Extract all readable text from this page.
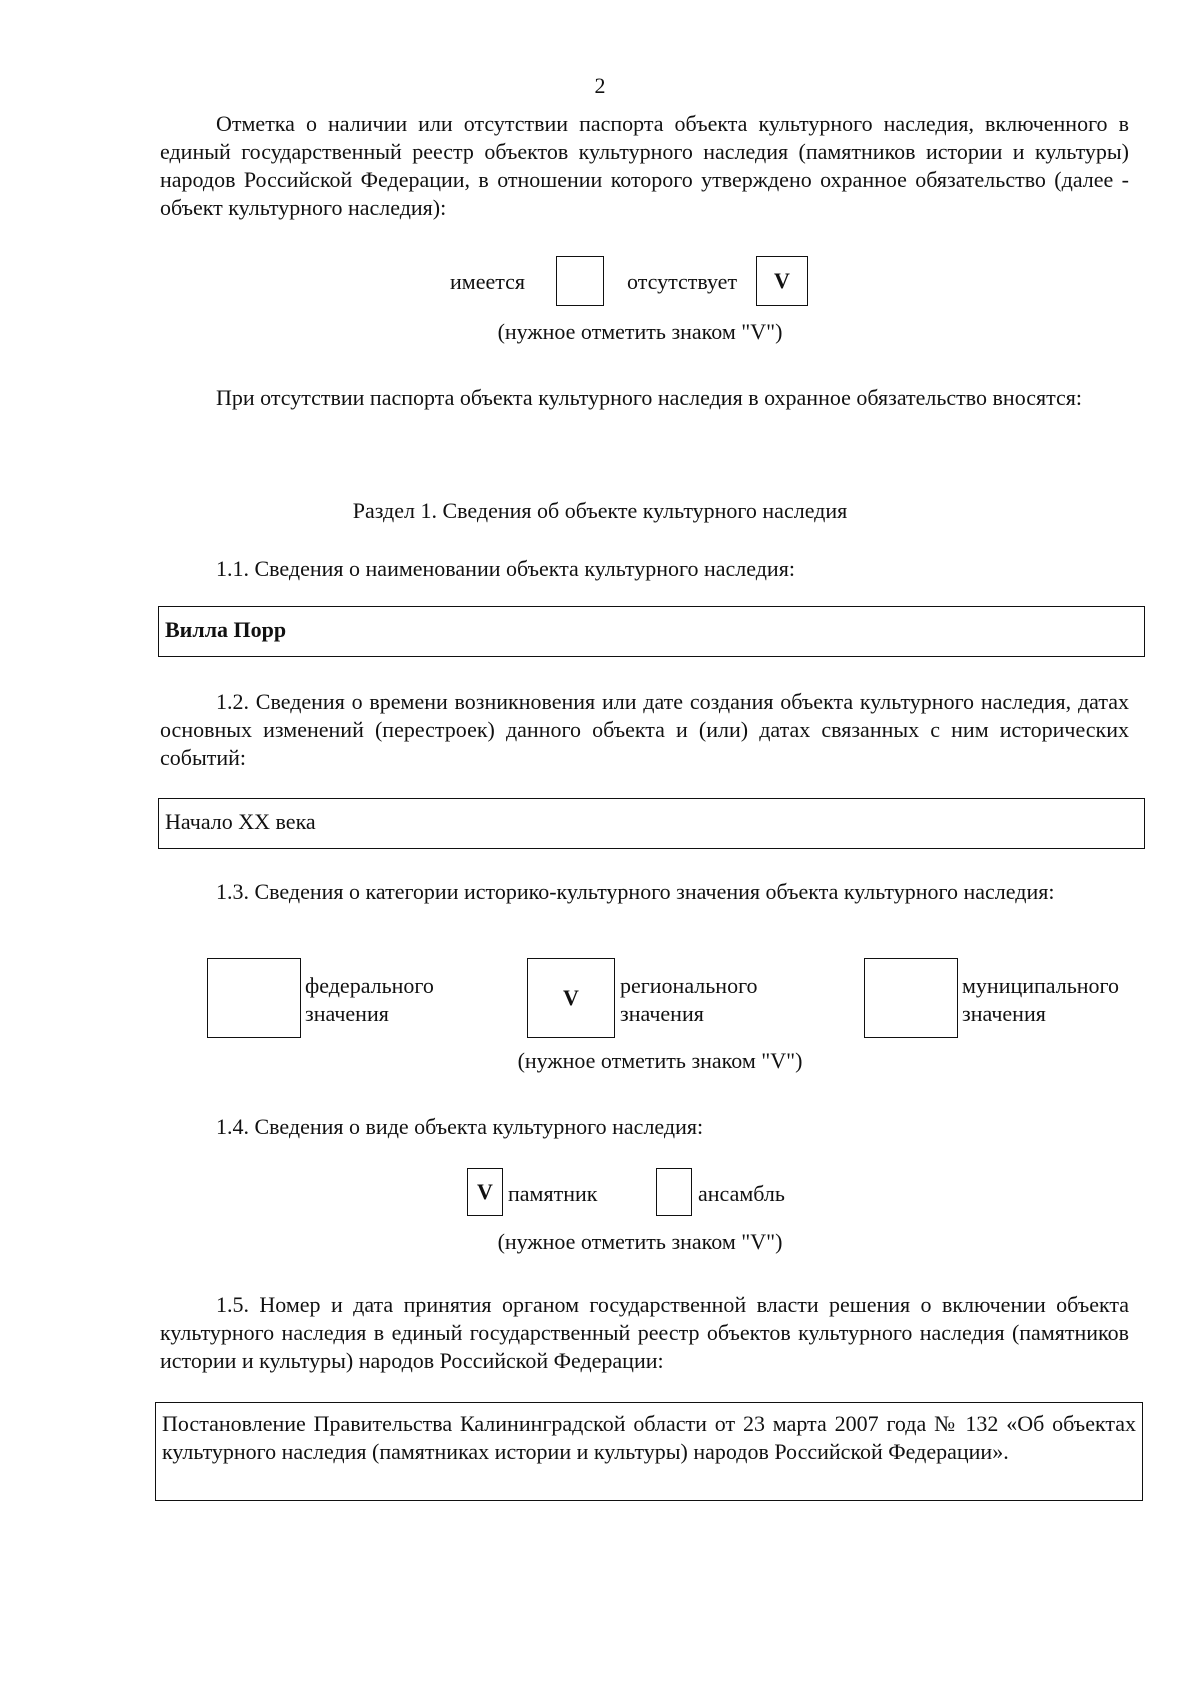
2
Отметка о наличии или отсутствии паспорта объекта культурного наследия, включенного в единый государственный реестр объектов культурного наследия (памятников истории и культуры) народов Российской Федерации, в отношении которого утверждено охранное обязательство (далее - объект культурного наследия):
имеется	отсутствует	V
(нужное отметить знаком "V")
При отсутствии паспорта объекта культурного наследия в охранное обязательство вносятся:
Раздел 1. Сведения об объекте культурного наследия
1.1. Сведения о наименовании объекта культурного наследия:
Вилла Порр
1.2. Сведения о времени возникновения или дате создания объекта культурного наследия, датах основных изменений (перестроек) данного объекта и (или) датах связанных с ним исторических событий:
Начало XX века
1.3. Сведения о категории историко-культурного значения объекта культурного наследия:
федерального
значения
V	регионального
значения
муниципального
значения
(нужное отметить знаком "V")
1.4. Сведения о виде объекта культурного наследия:
V памятник	ансамбль
(нужное отметить знаком "V")
1.5. Номер и дата принятия органом государственной власти решения о включении объекта культурного наследия в единый государственный реестр объектов культурного наследия (памятников истории и культуры) народов Российской Федерации:
Постановление Правительства Калининградской области от 23 марта 2007 года № 132 «Об объектах культурного наследия (памятниках истории и культуры) народов Российской Федерации».
